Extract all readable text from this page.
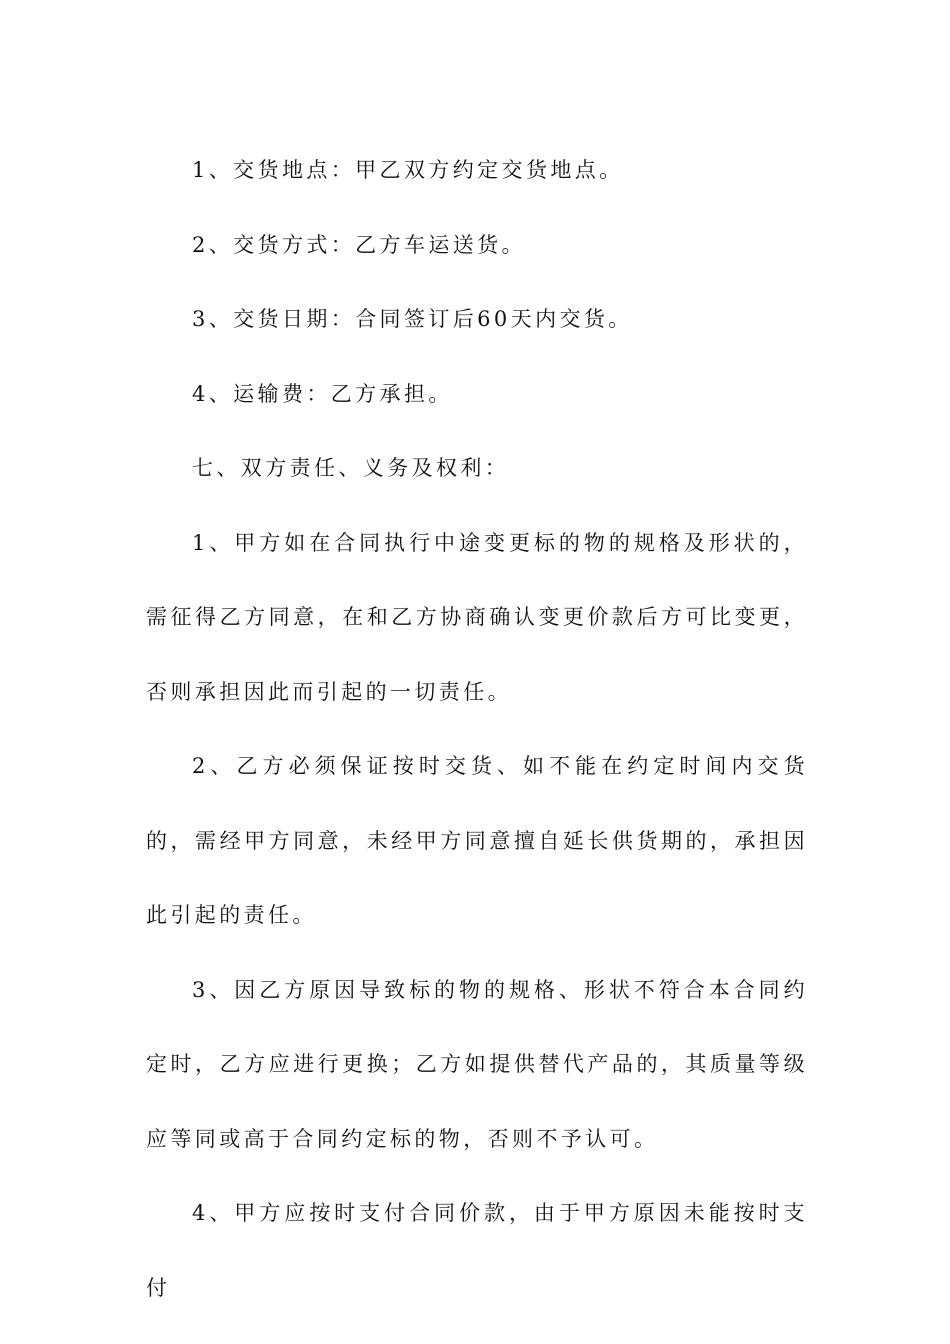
1、交货地点：甲乙双方约定交货地点。

2、交货方式：乙方车运送货。

3、交货日期：合同签订后60天内交货。

4、运输费：乙方承担。

七、双方责任、义务及权利：

1、甲方如在合同执行中途变更标的物的规格及形状的，需征得乙方同意，在和乙方协商确认变更价款后方可比变更，否则承担因此而引起的一切责任。

2、乙方必须保证按时交货、如不能在约定时间内交货的，需经甲方同意，未经甲方同意擅自延长供货期的，承担因此引起的责任。

3、因乙方原因导致标的物的规格、形状不符合本合同约定时，乙方应进行更换；乙方如提供替代产品的，其质量等级应等同或高于合同约定标的物，否则不予认可。

4、甲方应按时支付合同价款，由于甲方原因未能按时支付
